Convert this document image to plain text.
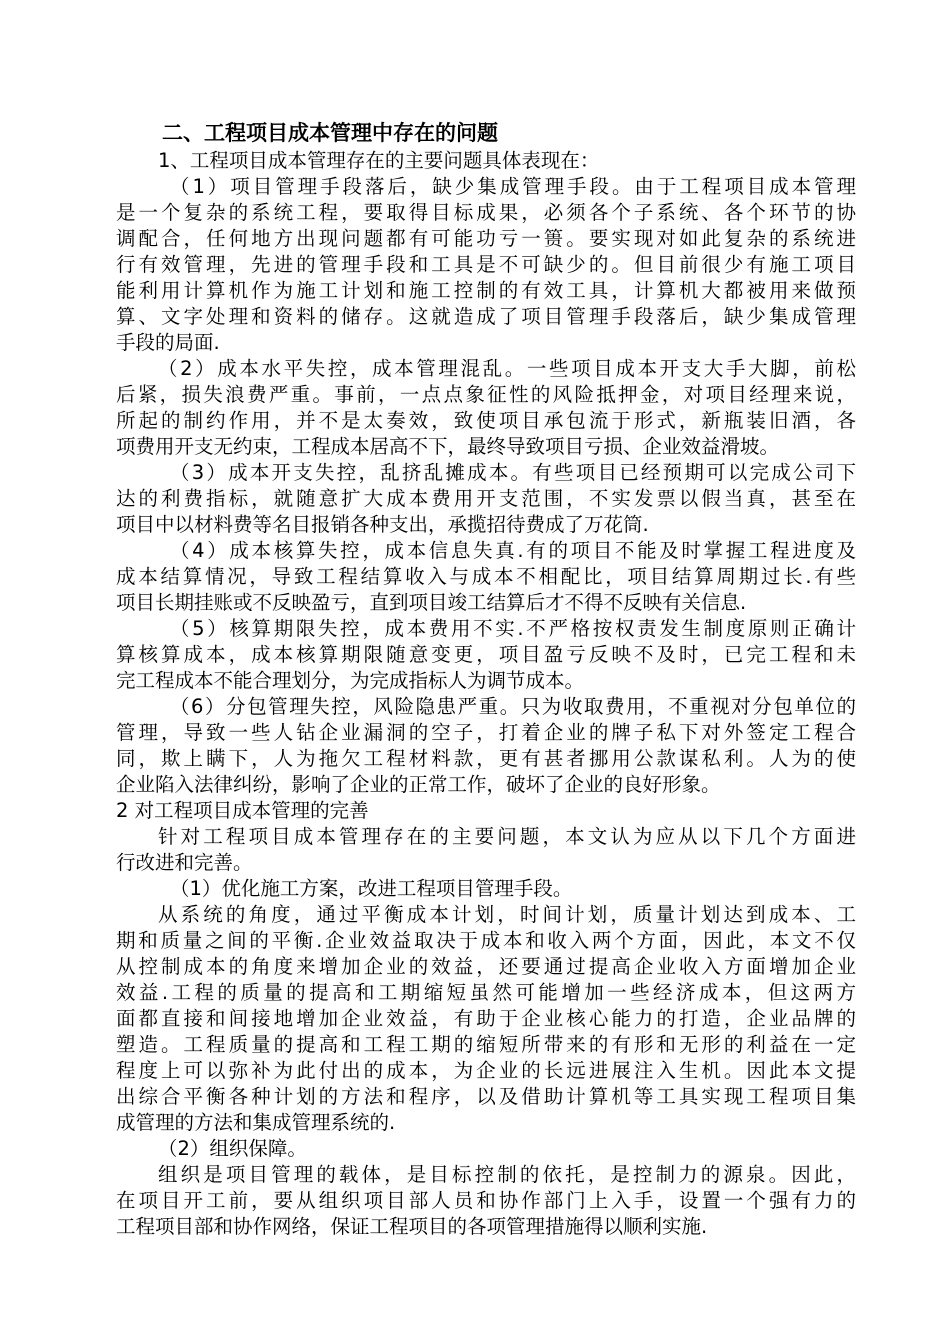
二、工程项目成本管理中存在的问题
1、工程项目成本管理存在的主要问题具体表现在：
（1）项目管理手段落后，缺少集成管理手段。由于工程项目成本管理
是一个复杂的系统工程，要取得目标成果，必须各个子系统、各个环节的协
调配合，任何地方出现问题都有可能功亏一篑。要实现对如此复杂的系统进
行有效管理，先进的管理手段和工具是不可缺少的。但目前很少有施工项目
能利用计算机作为施工计划和施工控制的有效工具，计算机大都被用来做预
算、文字处理和资料的储存。这就造成了项目管理手段落后，缺少集成管理
手段的局面.
（2）成本水平失控，成本管理混乱。一些项目成本开支大手大脚，前松
后紧，损失浪费严重。事前，一点点象征性的风险抵押金，对项目经理来说，
所起的制约作用，并不是太奏效，致使项目承包流于形式，新瓶装旧酒，各
项费用开支无约束，工程成本居高不下，最终导致项目亏损、企业效益滑坡。
（3）成本开支失控，乱挤乱摊成本。有些项目已经预期可以完成公司下
达的利费指标，就随意扩大成本费用开支范围，不实发票以假当真，甚至在
项目中以材料费等名目报销各种支出，承揽招待费成了万花筒.
（4）成本核算失控，成本信息失真.有的项目不能及时掌握工程进度及
成本结算情况，导致工程结算收入与成本不相配比，项目结算周期过长.有些
项目长期挂账或不反映盈亏，直到项目竣工结算后才不得不反映有关信息.
（5）核算期限失控，成本费用不实.不严格按权责发生制度原则正确计
算核算成本，成本核算期限随意变更，项目盈亏反映不及时，已完工程和未
完工程成本不能合理划分，为完成指标人为调节成本。
（6）分包管理失控，风险隐患严重。只为收取费用，不重视对分包单位的
管理，导致一些人钻企业漏洞的空子，打着企业的牌子私下对外签定工程合
同，欺上瞒下，人为拖欠工程材料款，更有甚者挪用公款谋私利。人为的使
企业陷入法律纠纷，影响了企业的正常工作，破坏了企业的良好形象。
2 对工程项目成本管理的完善
针对工程项目成本管理存在的主要问题，本文认为应从以下几个方面进
行改进和完善。
（1）优化施工方案，改进工程项目管理手段。
从系统的角度，通过平衡成本计划，时间计划，质量计划达到成本、工
期和质量之间的平衡.企业效益取决于成本和收入两个方面，因此，本文不仅
从控制成本的角度来增加企业的效益，还要通过提高企业收入方面增加企业
效益.工程的质量的提高和工期缩短虽然可能增加一些经济成本，但这两方
面都直接和间接地增加企业效益，有助于企业核心能力的打造，企业品牌的
塑造。工程质量的提高和工程工期的缩短所带来的有形和无形的利益在一定
程度上可以弥补为此付出的成本，为企业的长远进展注入生机。因此本文提
出综合平衡各种计划的方法和程序，以及借助计算机等工具实现工程项目集
成管理的方法和集成管理系统的.
（2）组织保障。
组织是项目管理的载体，是目标控制的依托，是控制力的源泉。因此，
在项目开工前，要从组织项目部人员和协作部门上入手，设置一个强有力的
工程项目部和协作网络，保证工程项目的各项管理措施得以顺利实施.
